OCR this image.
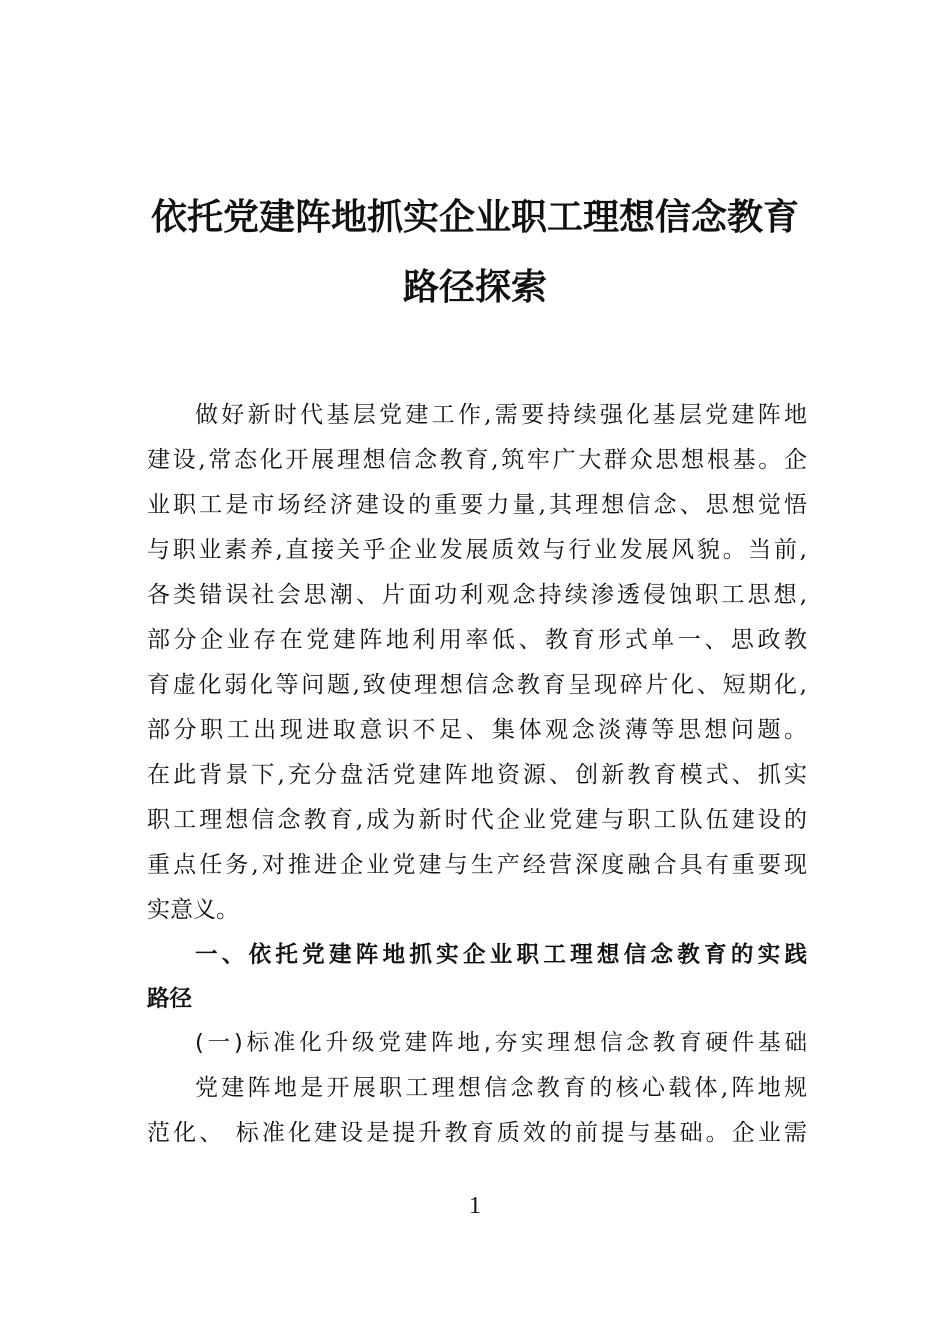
依托党建阵地抓实企业职工理想信念教育
路径探索
做好新时代基层党建工作,需要持续强化基层党建阵地
建设,常态化开展理想信念教育,筑牢广大群众思想根基。企
业职工是市场经济建设的重要力量,其理想信念、思想觉悟
与职业素养,直接关乎企业发展质效与行业发展风貌。当前,
各类错误社会思潮、片面功利观念持续渗透侵蚀职工思想,
部分企业存在党建阵地利用率低、教育形式单一、思政教
育虚化弱化等问题,致使理想信念教育呈现碎片化、短期化,
部分职工出现进取意识不足、集体观念淡薄等思想问题。
在此背景下,充分盘活党建阵地资源、创新教育模式、抓实
职工理想信念教育,成为新时代企业党建与职工队伍建设的
重点任务,对推进企业党建与生产经营深度融合具有重要现
实意义。
一、依托党建阵地抓实企业职工理想信念教育的实践
路径
(一)标准化升级党建阵地,夯实理想信念教育硬件基础
党建阵地是开展职工理想信念教育的核心载体,阵地规
范化、 标准化建设是提升教育质效的前提与基础。企业需
1
